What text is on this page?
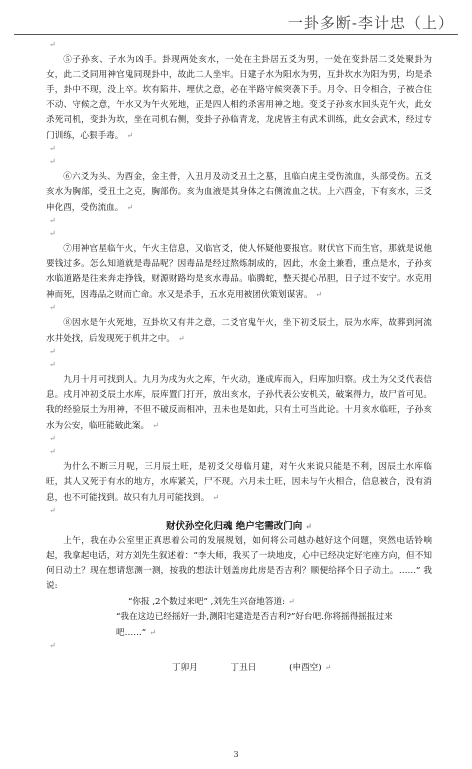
一卦多断-李计忠（上）
↵

⑤子孙亥、子水为凶手。卦现两处亥水，一处在主卦居五爻为男，一处在变卦居二爻处聚卦为女，此二爻同用神官鬼同现卦中，故此二人坐牢。日建子水为阳水为男，互卦坎水为阳为男，均是杀手，卦中不现，没上卒。坎有陷井、埋伏之意，必在半路守候突袭下手。月令、日令相合，子被合住不动、守候之意，午水又为午火死地，正是四人相约杀害用神之地。变爻子孙亥水回头克午火，此女杀死司机，变卦为坎，坐在司机右侧，变卦子孙临青龙，龙虎皆主有武术训练，此女会武术，经过专门训练，心狠手毒。 ↵

↵
↵

⑥六爻为头、为酉金，金主骨，入丑月及动爻丑土之墓，且临白虎主受伤流血，头部受伤。五爻亥水为胸部，受丑土之克，胸部伤。亥为血液是其身体之右侧流血之状。上六酉金，下有亥水，三爻申化酉，受伤流血。 ↵

↵
↵

⑦用神官星临午火，午火主信息，又临官爻，使人怀疑他要报官。财伏官下而生官，那就是说他要钱过多。怎么知道就是毒品呢？因毒品是经过熬炼制成的，因此，水金土兼看，重点是水，子孙亥水临道路是往来奔走挣钱，财源财路均是亥水毒品。临腾蛇，整天提心吊胆，日子过不安宁。水克用神而死，因毒品之财而亡命。水又是杀手，五水克用被团伙策划谋害。 ↵

↵

⑧因水是午火死地，互卦坎又有井之意，二爻官鬼午火，坐下初爻辰土，辰为水库，故葬到河流水井处找，后发现死于机井之中。 ↵

↵
↵

九月十月可找到人。九月为戌为火之库，午火动，逢成库而入，归库加归察。戌土为父爻代表信息。戌月冲初爻辰土水库，辰库置门打开，放出亥水，子孙代表公安机关，破案得力，故尸首可见。我的经验辰土为用神，不但不破反而相冲，丑未也是如此，只有土可当此论。十月亥水临旺，子孙亥水为公安，临旺能破此案。 ↵

↵
↵

为什么不断三月呢，三月辰土旺，是初爻父母临月建，对午火来说只能是不利，因辰土水库临旺，其人又死于有水的地方，水库紧关，尸不现。六月未土旺，因未与午火相合，信息被合，没有消息，也不可能找到。故只有九月可能找到。 ↵

↵

财伏孙空化归魂 绝户宅需改门向 ↵

上午，我在办公室里正真思着公司的发展规划，如何将公司越办越好这个问题，突然电话铃响起，我拿起电话，对方刘先生叙述着：“李大师，我买了一块地皮，心中已经决定好宅座方向，但不知何日动土？现在想请您测一测，按我的想法计划盖房此房是否吉利？顺便给择个日子动土。……” 我说:

“你报 ,2个数过来吧” ,刘先生兴奋地答道: ↵

“我在这边已经摇好一卦,测阳宅建造是否吉利?”好台吧.你将摇得摇报过来吧……” ↵

↵

丁卯月            丁丑日            (申酉空) ↵

3
